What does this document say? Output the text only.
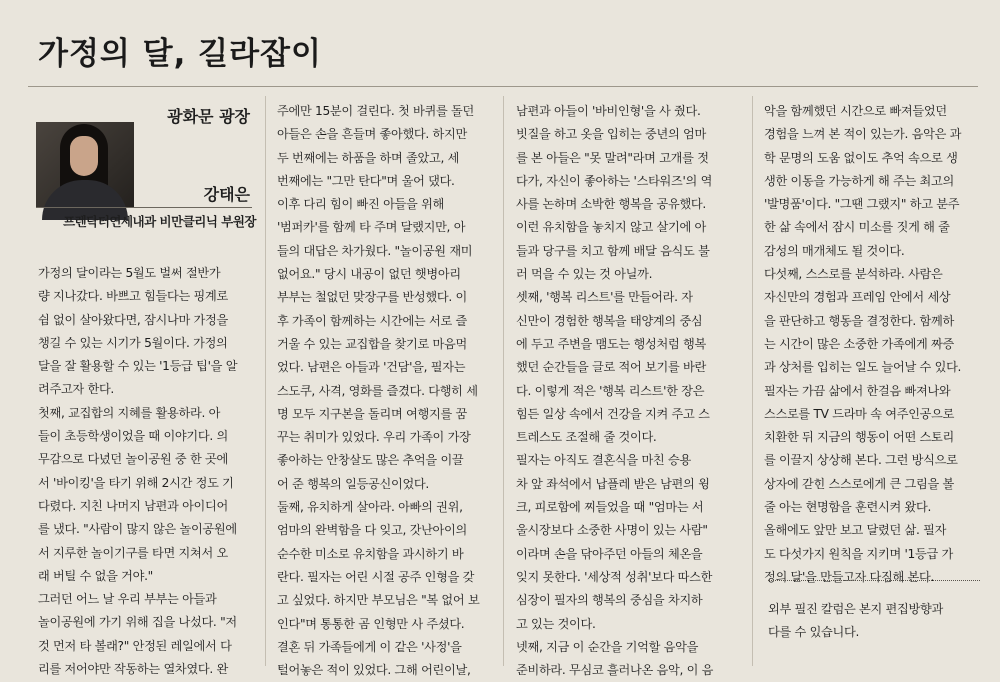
가정의 달, 길라잡이
광화문 광장
강태은
프렌닥터연세내과 비만클리닉 부원장

가정의 달이라는 5월도 벌써 절반가

량 지나갔다. 바쁘고 힘들다는 핑계로

쉼 없이 살아왔다면, 잠시나마 가정을

챙길 수 있는 시기가 5월이다. 가정의

달을 잘 활용할 수 있는 '1등급 팁'을 알

려주고자 한다.

첫째, 교집합의 지혜를 활용하라. 아

들이 초등학생이었을 때 이야기다. 의

무감으로 다녔던 놀이공원 중 한 곳에

서 '바이킹'을 타기 위해 2시간 정도 기

다렸다. 지친 나머지 남편과 아이디어

를 냈다. "사람이 많지 않은 놀이공원에

서 지루한 놀이기구를 타면 지쳐서 오

래 버틸 수 없을 거야."

그러던 어느 날 우리 부부는 아들과

놀이공원에 가기 위해 집을 나섰다. "저

것 먼저 타 볼래?" 안정된 레일에서 다

리를 저어야만 작동하는 열차였다. 완

주에만 15분이 걸린다. 첫 바퀴를 돌던

아들은 손을 흔들며 좋아했다. 하지만

두 번째에는 하품을 하며 졸았고, 세

번째에는 "그만 탄다"며 울어 댔다.

이후 다리 힘이 빠진 아들을 위해

'범퍼카'를 함께 타 주며 달랬지만, 아

들의 대답은 차가웠다. "놀이공원 재미

없어요." 당시 내공이 없던 햇병아리

부부는 철없던 맞장구를 반성했다. 이

후 가족이 함께하는 시간에는 서로 즐

거울 수 있는 교집합을 찾기로 마음먹

었다. 남편은 아들과 '건담'을, 필자는

스도쿠, 사격, 영화를 즐겼다. 다행히 세

명 모두 지구본을 돌리며 여행지를 꿈

꾸는 취미가 있었다. 우리 가족이 가장

좋아하는 안창살도 많은 추억을 이끌

어 준 행복의 일등공신이었다.

둘째, 유치하게 살아라. 아빠의 권위,

엄마의 완벽함을 다 잊고, 갓난아이의

순수한 미소로 유치함을 과시하기 바

란다. 필자는 어린 시절 공주 인형을 갖

고 싶었다. 하지만 부모님은 "복 없어 보

인다"며 통통한 곰 인형만 사 주셨다.

결혼 뒤 가족들에게 이 같은 '사정'을

털어놓은 적이 있었다. 그해 어린이날,

남편과 아들이 '바비인형'을 사 줬다.

빗질을 하고 옷을 입히는 중년의 엄마

를 본 아들은 "못 말려"라며 고개를 젓

다가, 자신이 좋아하는 '스타워즈'의 역

사를 논하며 소박한 행복을 공유했다.

이런 유치함을 놓치지 않고 살기에 아

들과 당구를 치고 함께 배달 음식도 불

러 먹을 수 있는 것 아닐까.

셋째, '행복 리스트'를 만들어라. 자

신만이 경험한 행복을 태양계의 중심

에 두고 주변을 맴도는 행성처럼 행복

했던 순간들을 글로 적어 보기를 바란

다. 이렇게 적은 '행복 리스트'한 장은

힘든 일상 속에서 건강을 지켜 주고 스

트레스도 조절해 줄 것이다.

필자는 아직도 결혼식을 마친 승용

차 앞 좌석에서 납플레 받은 남편의 윙

크, 피로함에 찌들었을 때 "엄마는 서

울시장보다 소중한 사명이 있는 사람"

이라며 손을 닦아주던 아들의 체온을

잊지 못한다. '세상적 성취'보다 따스한

심장이 필자의 행복의 중심을 차지하

고 있는 것이다.

넷째, 지금 이 순간을 기억할 음악을

준비하라. 무심코 흘러나온 음악, 이 음

악을 함께했던 시간으로 빠져들었던

경험을 느껴 본 적이 있는가. 음악은 과

학 문명의 도움 없이도 추억 속으로 생

생한 이동을 가능하게 해 주는 최고의

'발명품'이다. "그땐 그랬지" 하고 분주

한 삶 속에서 잠시 미소를 짓게 해 줄

감성의 매개체도 될 것이다.

다섯째, 스스로를 분석하라. 사람은

자신만의 경험과 프레임 안에서 세상

을 판단하고 행동을 결정한다. 함께하

는 시간이 많은 소중한 가족에게 짜증

과 상처를 입히는 일도 늘어날 수 있다.

필자는 가끔 삶에서 한걸음 빠져나와

스스로를 TV 드라마 속 여주인공으로

치환한 뒤 지금의 행동이 어떤 스토리

를 이끌지 상상해 본다. 그런 방식으로

상자에 갇힌 스스로에게 큰 그림을 볼

줄 아는 현명함을 훈련시켜 왔다.

올해에도 앞만 보고 달렸던 삶. 필자

도 다섯가지 원칙을 지키며 '1등급 가

정의 달'을 만들고자 다짐해 본다.

외부 필진 칼럼은 본지 편집방향과

다를 수 있습니다.
